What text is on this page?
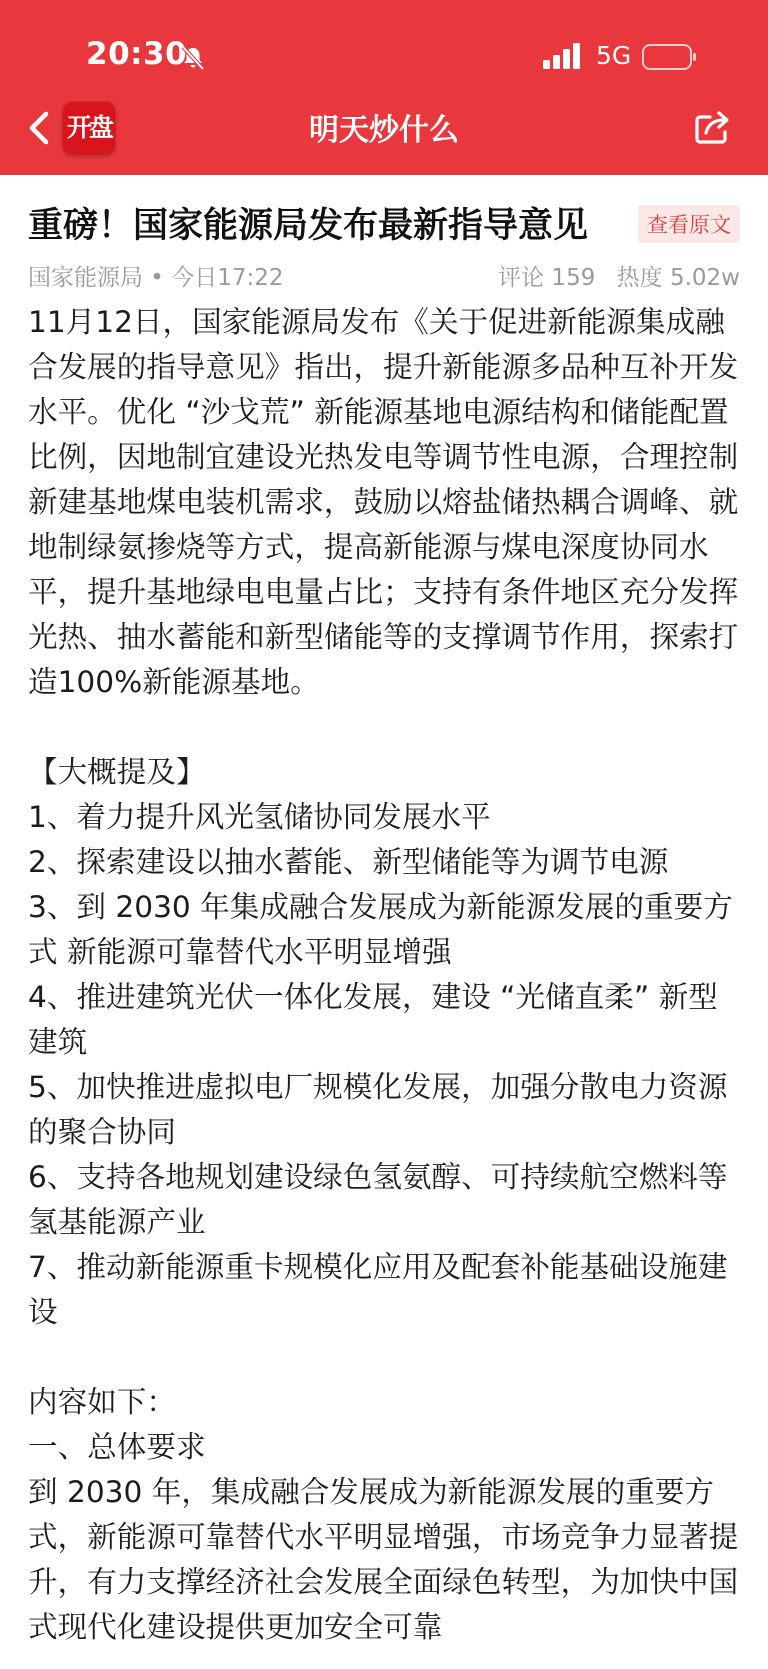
20:30	5G
开盘	明天炒什么
重磅！国家能源局发布最新指导意见	查看原文
国家能源局 • 今日17:22	评论 159 热度 5.02w

11月12日，国家能源局发布《关于促进新能源集成融合发展的指导意见》指出，提升新能源多品种互补开发水平。优化 “沙戈荒” 新能源基地电源结构和储能配置比例，因地制宜建设光热发电等调节性电源，合理控制新建基地煤电装机需求，鼓励以熔盐储热耦合调峰、就地制绿氨掺烧等方式，提高新能源与煤电深度协同水平，提升基地绿电电量占比；支持有条件地区充分发挥光热、抽水蓄能和新型储能等的支撑调节作用，探索打造100%新能源基地。

【大概提及】

1、着力提升风光氢储协同发展水平

2、探索建设以抽水蓄能、新型储能等为调节电源

3、到 2030 年集成融合发展成为新能源发展的重要方式 新能源可靠替代水平明显增强

4、推进建筑光伏一体化发展，建设 “光储直柔” 新型建筑

5、加快推进虚拟电厂规模化发展，加强分散电力资源的聚合协同

6、支持各地规划建设绿色氢氨醇、可持续航空燃料等氢基能源产业

7、推动新能源重卡规模化应用及配套补能基础设施建设

内容如下：

一、总体要求

到 2030 年，集成融合发展成为新能源发展的重要方式，新能源可靠替代水平明显增强，市场竞争力显著提升，有力支撑经济社会发展全面绿色转型，为加快中国式现代化建设提供更加安全可靠
